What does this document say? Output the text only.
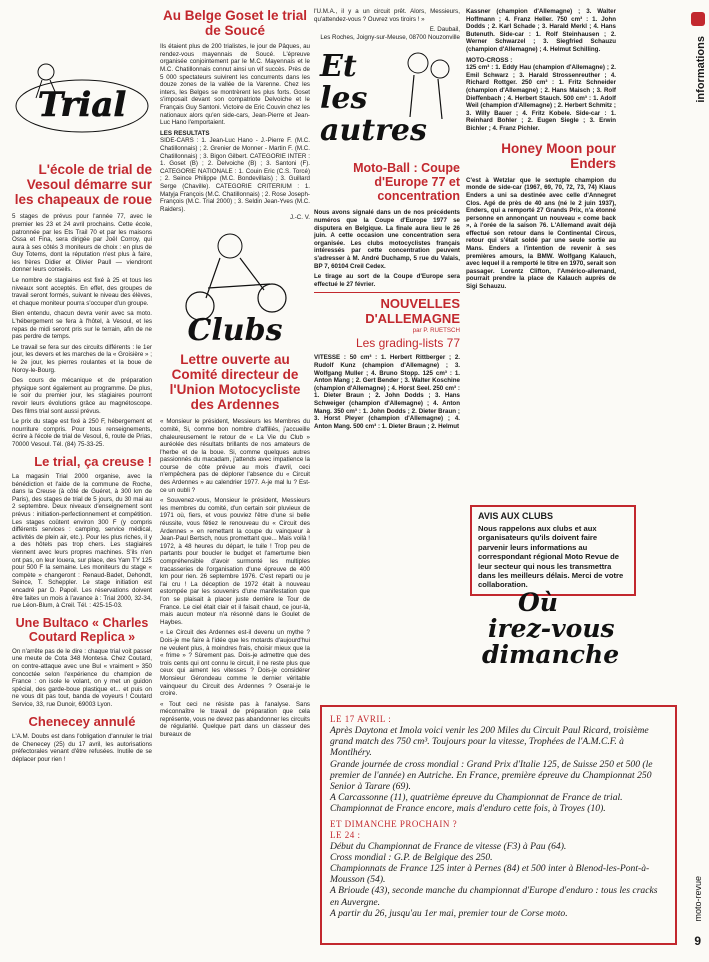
informations
Trial
L'école de trial de Vesoul démarre sur les chapeaux de roue

5 stages de prévus pour l'année 77, avec le premier les 23 et 24 avril prochains. Cette école, patronnée par les Ets Trail 70 et par les maisons Ossa et Fina, sera dirigée par Joël Corroy, qui aura à ses côtés 3 moniteurs de choix : en plus de Guy Totems, dont la réputation n'est plus à faire, les frères Didier et Olivier Paull — viendront donner leurs conseils.

Le nombre de stagiaires est fixé à 25 et tous les niveaux sont acceptés. En effet, des groupes de travail seront formés, suivant le niveau des élèves, et chaque moniteur pourra s'occuper d'un groupe.

Bien entendu, chacun devra venir avec sa moto. L'hébergement se fera à l'hôtel, à Vesoul, et les repas de midi seront pris sur le terrain, afin de ne pas perdre de temps.

Le travail se fera sur des circuits différents : le 1er jour, les devers et les marches de la « Groisière » ; le 2e jour, les pierres roulantes et la boue de Noroy-le-Bourg.

Des cours de mécanique et de préparation physique sont également au programme. De plus, le soir du premier jour, les stagiaires pourront revoir leurs évolutions grâce au magnétoscope. Des films trial sont aussi prévus.

Le prix du stage est fixé à 250 F, hébergement et nourriture compris. Pour tous renseignements, écrire à l'école de trial de Vesoul, 6, route de Prias, 70000 Vesoul. Tél. (84) 75-33-25.

Le trial, ça creuse !

La magasin Trial 2000 organise, avec la bénédiction et l'aide de la commune de Roche, dans la Creuse (à côté de Guéret, à 300 km de Paris), des stages de trial de 5 jours, du 30 mai au 2 septembre. Deux niveaux d'enseignement sont prévus : initiation-perfectionnement et compétition. Les stages coûtent environ 300 F (y compris différents services : camping, service médical, activités de plein air, etc.). Pour les plus riches, il y a des hôtels pas trop chers. Les stagiaires viennent avec leurs propres machines. S'ils n'en ont pas, on leur louera, sur place, des Yam TY 125 pour 500 F la semaine. Les moniteurs du stage « compète » changeront : Renaud-Badet, Dehondt, Seince, T. Scheppler. Le stage initiation est encadré par D. Papoil. Les réservations doivent être faites un mois à l'avance à : Trial 2000, 32-34, rue Léon-Blum, à Creil. Tél. : 425-15-03.

Une Bultaco « Charles Coutard Replica »

On n'arrête pas de le dire : chaque trial voit passer une meute de Cota 348 Montesa. Chez Coutard, on contre-attaque avec une Bul « vraiment » 350 concoctée selon l'expérience du champion de France : on isole le volant, on y met un guidon spécial, des garde-boue plastique et... et puis on ne vous dit pas tout, banda de voyeurs ! Coutard Service, 33, rue Dunoir, 69003 Lyon.

Chenecey annulé

L'A.M. Doubs est dans l'obligation d'annuler le trial de Chenecey (25) du 17 avril, les autorisations préfectorales venant d'être refusées. Inutile de se déplacer pour rien !

Au Belge Goset le trial de Soucé

Ils étaient plus de 200 trialistes, le jour de Pâques, au rendez-vous mayennais de Soucé. L'épreuve organisée conjointement par le M.C. Mayennais et le M.C. Chatillonnais connut ainsi un vif succès. Près de 5 000 spectateurs suivirent les concurrents dans les douze zones de la vallée de la Varenne. Chez les inters, les Belges se montrèrent les plus forts. Goset s'imposait devant son compatriote Delvoiche et le Français Guy Santoni. Victoire de Eric Couvin chez les nationaux alors qu'en side-cars, Jean-Pierre et Jean-Luc Hano l'emportaient.

LES RESULTATS

SIDE-CARS : 1. Jean-Luc Hano - J.-Pierre F. (M.C. Chatillonnais) ; 2. Grenier de Monner - Martin F. (M.C. Chatillonnais) ; 3. Bigon Gilbert. CATEGORIE INTER : 1. Goset (B) ; 2. Delvoiche (B) ; 3. Santoni (F). CATEGORIE NATIONALE : 1. Couin Eric (C.S. Torcé) ; 2. Seince Philippe (M.C. Bondevillais) ; 3. Guillard Serge (Chaville). CATEGORIE CRITERIUM : 1. Matyja François (M.C. Chatillonnais) ; 2. Rose Joseph-François (M.C. Trial 2000) ; 3. Seldin Jean-Yves (M.C. Raiders).

J.-C. V.

Clubs
Lettre ouverte au Comité directeur de l'Union Motocycliste des Ardennes

« Monsieur le président, Messieurs les Membres du comité, Si, comme bon nombre d'affiliés, j'accueille chaleureusement le retour de « La Vie du Club » auréolée des résultats brillants de nos amateurs de l'herbe et de la boue. Si, comme quelques autres passionnés du macadam, j'attends avec impatience la course de côte prévue au mois d'avril, ceci n'empêchera pas de déplorer l'absence du « Circuit des Ardennes » au calendrier 1977. A-je mal lu ? Est-ce un oubli ?

« Souvenez-vous, Monsieur le président, Messieurs les membres du comité, d'un certain soir pluvieux de 1971 où, fiers, et vous pouviez l'être d'une si belle réussite, vous fêtiez le renouveau du « Circuit des Ardennes » en remettant la coupe du vainqueur à Jean-Paul Bertsch, nous promettant que... Mais voilà ! 1972, à 48 heures du départ, le tuile ! Trop peu de partants pour boucler le budget et l'amertume bien compréhensible d'avoir surmonté les multiples tracasseries de l'organisation d'une épreuve de 400 km pour rien. 26 septembre 1976. C'est reparti ou je l'ai cru ! La déception de 1972 était à nouveau estompée par les souvenirs d'une manifestation que l'on se plaisait à placer juste derrière le Tour de France. Le ciel était clair et il faisait chaud, ce jour-là, mais aucun moteur n'a résonné dans le Goulet de Haybes.

« Le Circuit des Ardennes est-il devenu un mythe ? Dois-je me faire à l'idée que les motards d'aujourd'hui ne veulent plus, à moindres frais, choisir mieux que la « frime » ? Sûrement pas. Dois-je admettre que des trois cents qui ont connu le circuit, il ne reste plus que ceux qui aiment les vitesses ? Dois-je considérer Monsieur Gérondeau comme le dernier véritable vainqueur du Circuit des Ardennes ? Oserai-je le croire.

« Tout ceci ne résiste pas à l'analyse. Sans méconnaître le travail de préparation que cela représente, vous ne devez pas abandonner les circuits de régularité. Quelque part dans un classeur des bureaux de

l'U.M.A., il y a un circuit prêt. Alors, Messieurs, qu'attendez-vous ? Ouvrez vos tiroirs ! »

E. Daubail,

Les Roches, Joigny-sur-Meuse, 08700 Nouzonville

Et
les
autres
Moto-Ball : Coupe d'Europe 77 et concentration

Nous avons signalé dans un de nos précédents numéros que la Coupe d'Europe 1977 se disputera en Belgique. La finale aura lieu le 26 juin. A cette occasion une concentration sera organisée. Les clubs motocyclistes français intéressés par cette concentration peuvent s'adresser à M. André Duchamp, 5 rue du Valais, BP 7, 60104 Creil Cedex.

Le tirage au sort de la Coupe d'Europe sera effectué le 27 février.

NOUVELLES D'ALLEMAGNE

par P. RUETSCH

Les grading-lists 77

VITESSE : 50 cm³ : 1. Herbert Rittberger ; 2. Rudolf Kunz (champion d'Allemagne) ; 3. Wolfgang Muller ; 4. Bruno Stopp. 125 cm³ : 1. Anton Mang ; 2. Gert Bender ; 3. Walter Koschine (champion d'Allemagne) ; 4. Horst Seel. 250 cm³ : 1. Dieter Braun ; 2. John Dodds ; 3. Hans Schweiger (champion d'Allemagne) ; 4. Anton Mang. 350 cm³ : 1. John Dodds ; 2. Dieter Braun ; 3. Horst Pleyer (champion d'Allemagne) ; 4. Anton Mang. 500 cm³ : 1. Dieter Braun ; 2. Helmut

Kassner (champion d'Allemagne) ; 3. Walter Hoffmann ; 4. Franz Heller. 750 cm³ : 1. John Dodds ; 2. Karl Schade ; 3. Harald Merkl ; 4. Hans Butenuth. Side-car : 1. Rolf Steinhausen ; 2. Werner Schwarzel ; 3. Siegfried Schauzu (champion d'Allemagne) ; 4. Helmut Schilling.

MOTO-CROSS :

125 cm³ : 1. Eddy Hau (champion d'Allemagne) ; 2. Emil Schwarz ; 3. Harald Strossenreuther ; 4. Richard Rottger. 250 cm³ : 1. Fritz Schneider (champion d'Allemagne) ; 2. Hans Maisch ; 3. Rolf Dieffenbach ; 4. Herbert Stauch. 500 cm³ : 1. Adolf Weil (champion d'Allemagne) ; 2. Herbert Schmitz ; 3. Willy Bauer ; 4. Fritz Kobele. Side-car : 1. Reinhard Bohler ; 2. Eugen Siegle ; 3. Erwin Bichler ; 4. Franz Pichler.

Honey Moon pour Enders

C'est à Wetzlar que le sextuple champion du monde de side-car (1967, 69, 70, 72, 73, 74) Klaus Enders a uni sa destinée avec celle d'Annegret Clos. Agé de près de 40 ans (né le 2 juin 1937), Enders, qui a remporté 27 Grands Prix, n'a étonné personne en annonçant un nouveau « come back », à l'orée de la saison 76. L'Allemand avait déjà effectué son retour dans le Continental Circus, retour qui s'était soldé par une seule sortie au Mans. Enders a l'intention de revenir à ses premières amours, la BMW. Wolfgang Kalauch, avec lequel il a remporté le titre en 1970, serait son passager. Lorentz Clifton, l'Américo-allemand, pourrait prendre la place de Kalauch auprès de Sigi Schauzu.

AVIS AUX CLUBS
Nous rappelons aux clubs et aux organisateurs qu'ils doivent faire parvenir leurs informations au correspondant régional Moto Revue de leur secteur qui nous les transmettra dans les meilleurs délais. Merci de votre collaboration.
Où
irez-vous
dimanche
LE 17 AVRIL :

Après Daytona et Imola voici venir les 200 Miles du Circuit Paul Ricard, troisième grand match des 750 cm³. Toujours pour la vitesse, Trophées de l'A.M.C.F. à Montlhéry.

Grande journée de cross mondial : Grand Prix d'Italie 125, de Suisse 250 et 500 (le premier de l'année) en Autriche. En France, première épreuve du Championnat 250 Senior à Tarare (69).

A Carcassonne (11), quatrième épreuve du Championnat de France de trial. Championnat de France encore, mais d'enduro cette fois, à Troyes (10).

ET DIMANCHE PROCHAIN ?
LE 24 :

Début du Championnat de France de vitesse (F3) à Pau (64).

Cross mondial : G.P. de Belgique des 250.

Championnats de France 125 inter à Pernes (84) et 500 inter à Blenod-les-Pont-à-Mousson (54).

A Brioude (43), seconde manche du championnat d'Europe d'enduro : tous les cracks en Auvergne.

A partir du 26, jusqu'au 1er mai, premier tour de Corse moto.	moto-revue
9
